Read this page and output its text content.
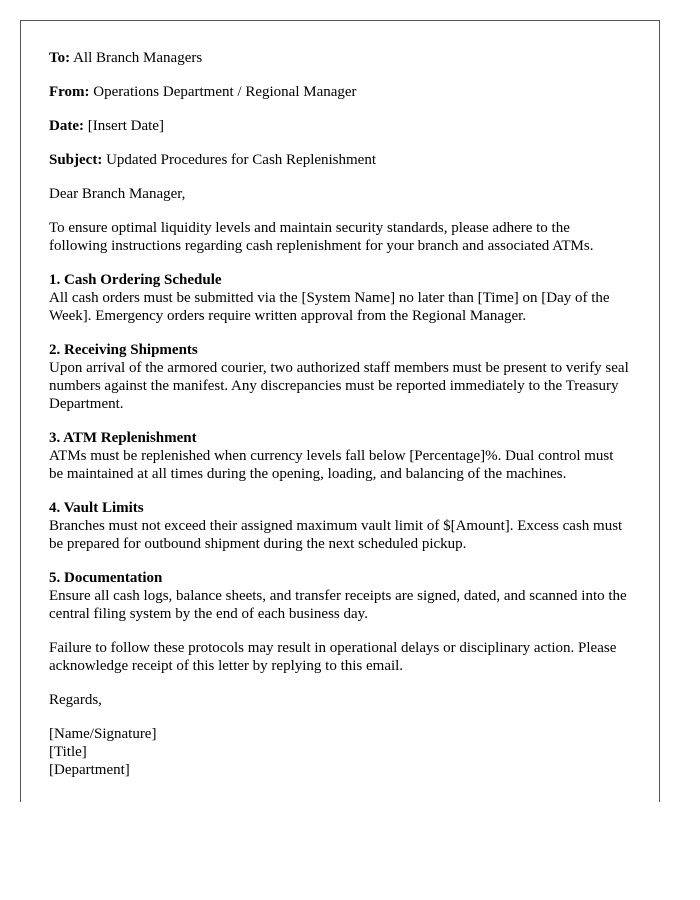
To: All Branch Managers

From: Operations Department / Regional Manager

Date: [Insert Date]

Subject: Updated Procedures for Cash Replenishment

Dear Branch Manager,

To ensure optimal liquidity levels and maintain security standards, please adhere to the following instructions regarding cash replenishment for your branch and associated ATMs.

1. Cash Ordering Schedule
All cash orders must be submitted via the [System Name] no later than [Time] on [Day of the Week]. Emergency orders require written approval from the Regional Manager.
2. Receiving Shipments
Upon arrival of the armored courier, two authorized staff members must be present to verify seal numbers against the manifest. Any discrepancies must be reported immediately to the Treasury Department.
3. ATM Replenishment
ATMs must be replenished when currency levels fall below [Percentage]%. Dual control must be maintained at all times during the opening, loading, and balancing of the machines.
4. Vault Limits
Branches must not exceed their assigned maximum vault limit of $[Amount]. Excess cash must be prepared for outbound shipment during the next scheduled pickup.
5. Documentation
Ensure all cash logs, balance sheets, and transfer receipts are signed, dated, and scanned into the central filing system by the end of each business day.

Failure to follow these protocols may result in operational delays or disciplinary action. Please acknowledge receipt of this letter by replying to this email.

Regards,

[Name/Signature]
[Title]
[Department]
